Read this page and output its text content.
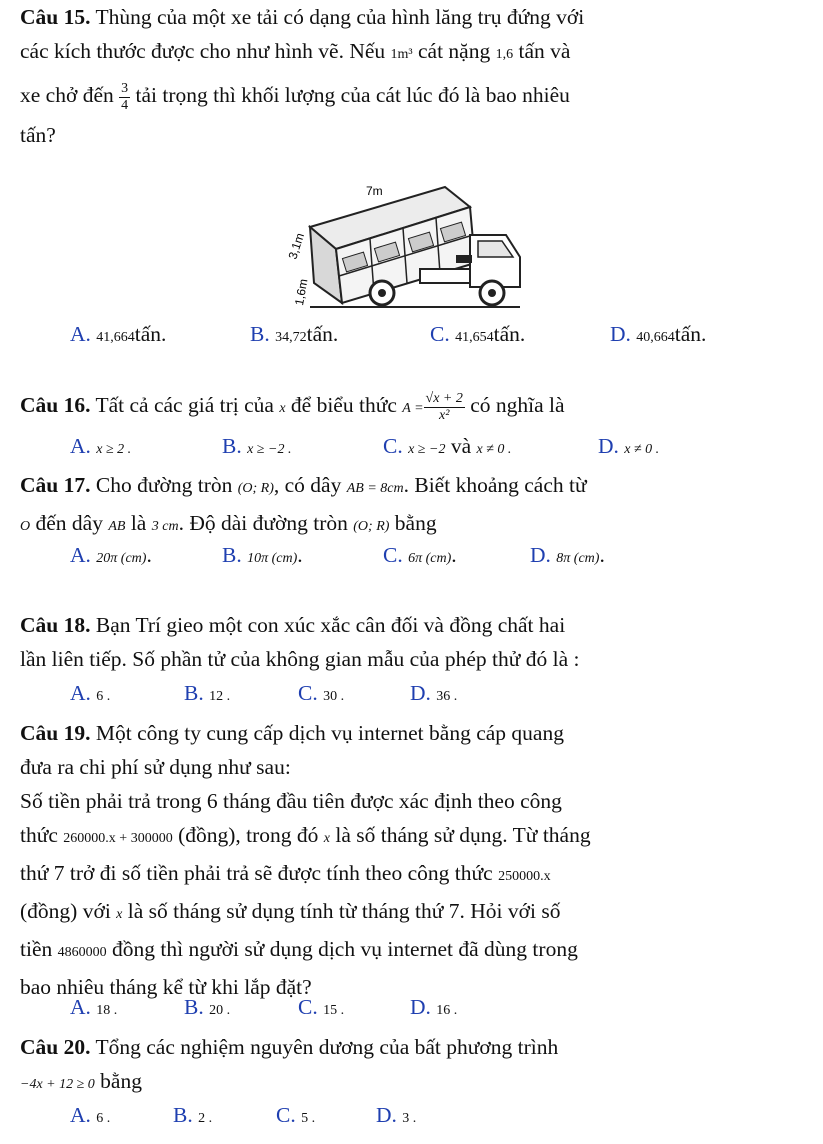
Câu 15. Thùng của một xe tải có dạng của hình lăng trụ đứng với
các kích thước được cho như hình vẽ. Nếu 1m³ cát nặng 1,6 tấn và
xe chở đến $\frac{3}{4}$ tải trọng thì khối lượng của cát lúc đó là bao nhiêu
tấn?
7m
3,1m
1,6m
A. 41,664tấn.	B. 34,72tấn.	C. 41,654tấn.	D. 40,664tấn.
Câu 16. Tất cả các giá trị của x để biểu thức $A = \frac{√x + 2}{\text{x²}}$ có nghĩa là
A. x ≥ 2 .	B. x ≥ −2 .	C. x ≥ −2 và x ≠ 0 .	D. x ≠ 0 .
Câu 17. Cho đường tròn (O; R), có dây AB = 8cm. Biết khoảng cách từ
O đến dây AB là 3 cm. Độ dài đường tròn (O; R) bằng
A. 20π (cm).	B. 10π (cm).	C. 6π (cm).	D. 8π (cm).
Câu 18. Bạn Trí gieo một con xúc xắc cân đối và đồng chất hai
lần liên tiếp. Số phần tử của không gian mẫu của phép thử đó là :
A. 6 .	B. 12 .	C. 30 .	D. 36 .
Câu 19. Một công ty cung cấp dịch vụ internet bằng cáp quang
đưa ra chi phí sử dụng như sau:
Số tiền phải trả trong 6 tháng đầu tiên được xác định theo công
thức 260000.x + 300000 (đồng), trong đó x là số tháng sử dụng. Từ tháng
thứ 7 trở đi số tiền phải trả sẽ được tính theo công thức 250000.x
(đồng) với x là số tháng sử dụng tính từ tháng thứ 7. Hỏi với số
tiền 4860000 đồng thì người sử dụng dịch vụ internet đã dùng trong
bao nhiêu tháng kể từ khi lắp đặt?
A. 18 .	B. 20 .	C. 15 .	D. 16 .
Câu 20. Tổng các nghiệm nguyên dương của bất phương trình
−4x + 12 ≥ 0 bằng
A. 6 .	B. 2 .	C. 5 .	D. 3 .
